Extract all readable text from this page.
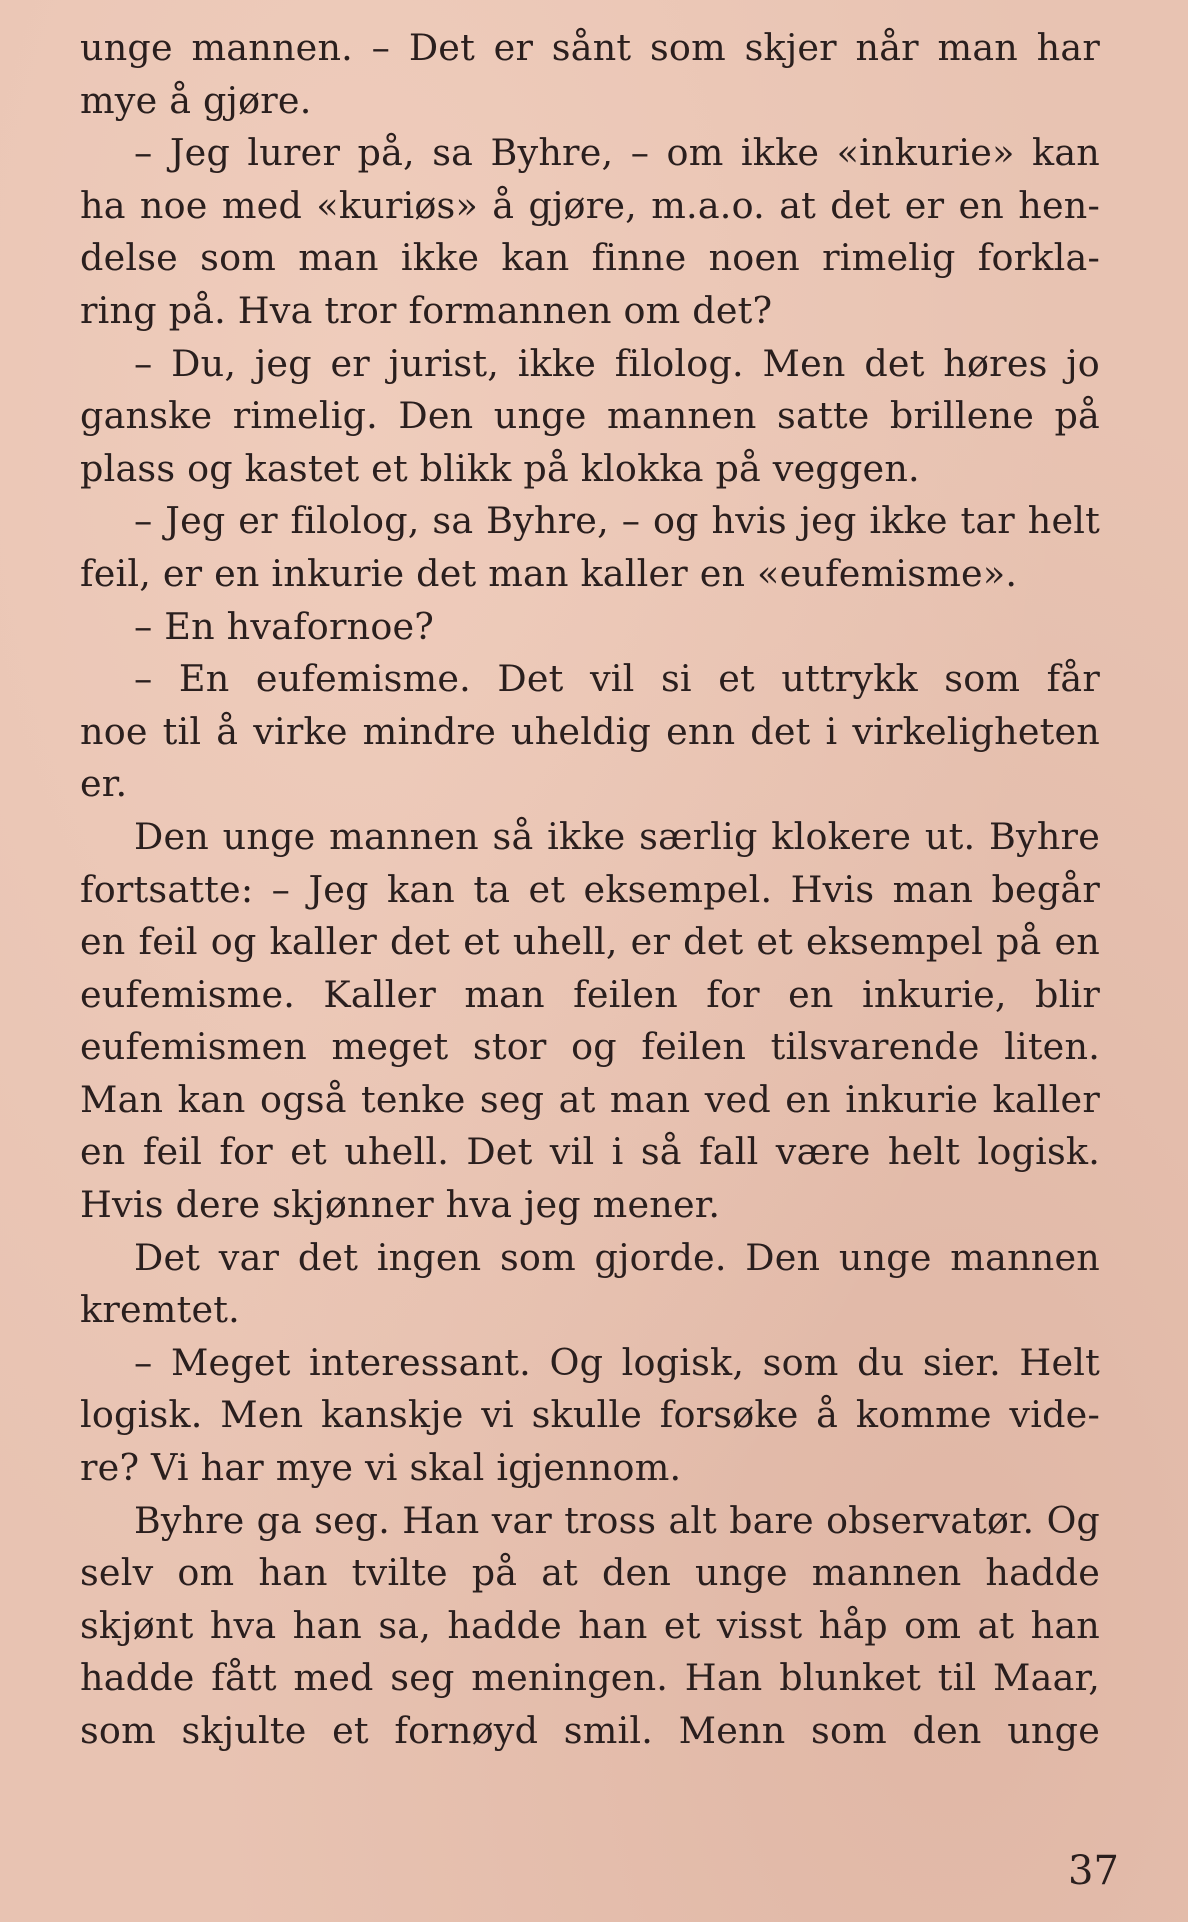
unge mannen. – Det er sånt som skjer når man har
mye å gjøre.
– Jeg lurer på, sa Byhre, – om ikke «inkurie» kan
ha noe med «kuriøs» å gjøre, m.a.o. at det er en hen-
delse som man ikke kan finne noen rimelig forkla-
ring på. Hva tror formannen om det?
– Du, jeg er jurist, ikke filolog. Men det høres jo
ganske rimelig. Den unge mannen satte brillene på
plass og kastet et blikk på klokka på veggen.
– Jeg er filolog, sa Byhre, – og hvis jeg ikke tar helt
feil, er en inkurie det man kaller en «eufemisme».
– En hvafornoe?
– En eufemisme. Det vil si et uttrykk som får
noe til å virke mindre uheldig enn det i virkeligheten
er.
Den unge mannen så ikke særlig klokere ut. Byhre
fortsatte: – Jeg kan ta et eksempel. Hvis man begår
en feil og kaller det et uhell, er det et eksempel på en
eufemisme. Kaller man feilen for en inkurie, blir
eufemismen meget stor og feilen tilsvarende liten.
Man kan også tenke seg at man ved en inkurie kaller
en feil for et uhell. Det vil i så fall være helt logisk.
Hvis dere skjønner hva jeg mener.
Det var det ingen som gjorde. Den unge mannen
kremtet.
– Meget interessant. Og logisk, som du sier. Helt
logisk. Men kanskje vi skulle forsøke å komme vide-
re? Vi har mye vi skal igjennom.
Byhre ga seg. Han var tross alt bare observatør. Og
selv om han tvilte på at den unge mannen hadde
skjønt hva han sa, hadde han et visst håp om at han
hadde fått med seg meningen. Han blunket til Maar,
som skjulte et fornøyd smil. Menn som den unge
37
